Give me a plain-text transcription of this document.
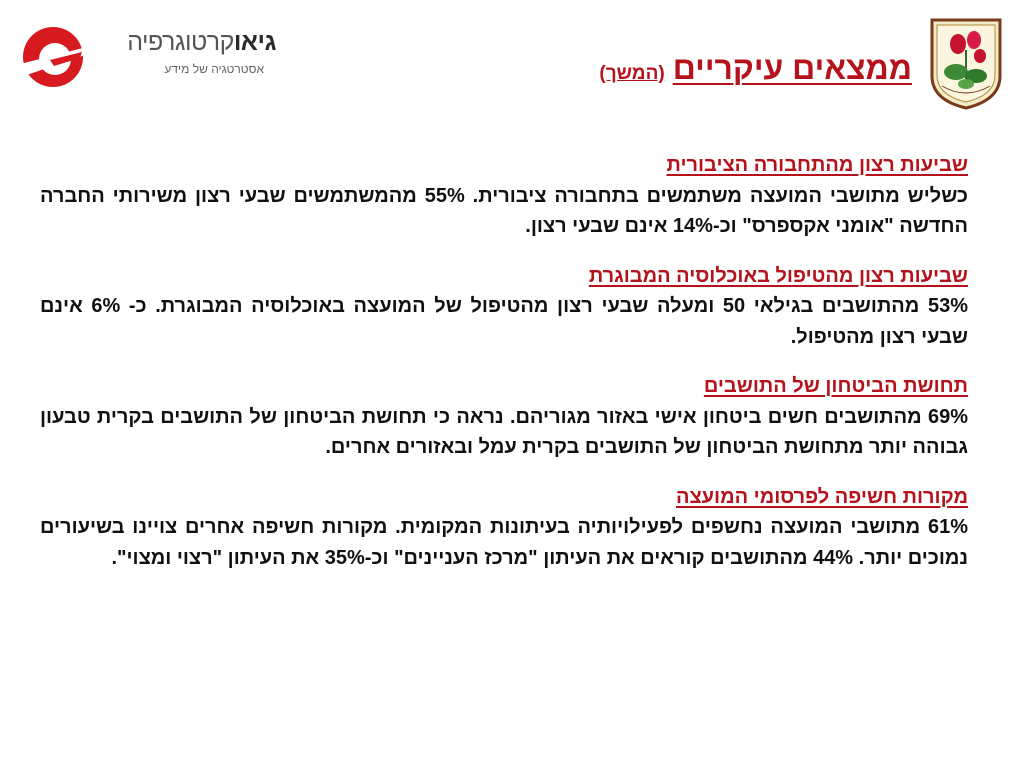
גיאוקרטוגרפיה
אסטרטגיה של מידע	ממצאים עיקריים(המשך)

שביעות רצון מהתחבורה הציבורית

כשליש מתושבי המועצה משתמשים בתחבורה ציבורית. 55% מהמשתמשים שבעי רצון משירותי החברה החדשה "אומני אקספרס" וכ-14% אינם שבעי רצון.

שביעות רצון מהטיפול באוכלוסיה המבוגרת

53% מהתושבים בגילאי 50 ומעלה שבעי רצון מהטיפול של המועצה באוכלוסיה המבוגרת. כ- 6% אינם שבעי רצון מהטיפול.

תחושת הביטחון של התושבים

69% מהתושבים חשים ביטחון אישי באזור מגוריהם. נראה כי תחושת הביטחון של התושבים בקרית טבעון גבוהה יותר מתחושת הביטחון של התושבים בקרית עמל ובאזורים אחרים.

מקורות חשיפה לפרסומי המועצה

61% מתושבי המועצה נחשפים לפעילויותיה בעיתונות המקומית. מקורות חשיפה אחרים צויינו בשיעורים נמוכים יותר. 44% מהתושבים קוראים את העיתון "מרכז העניינים" וכ-35% את העיתון "רצוי ומצוי".
